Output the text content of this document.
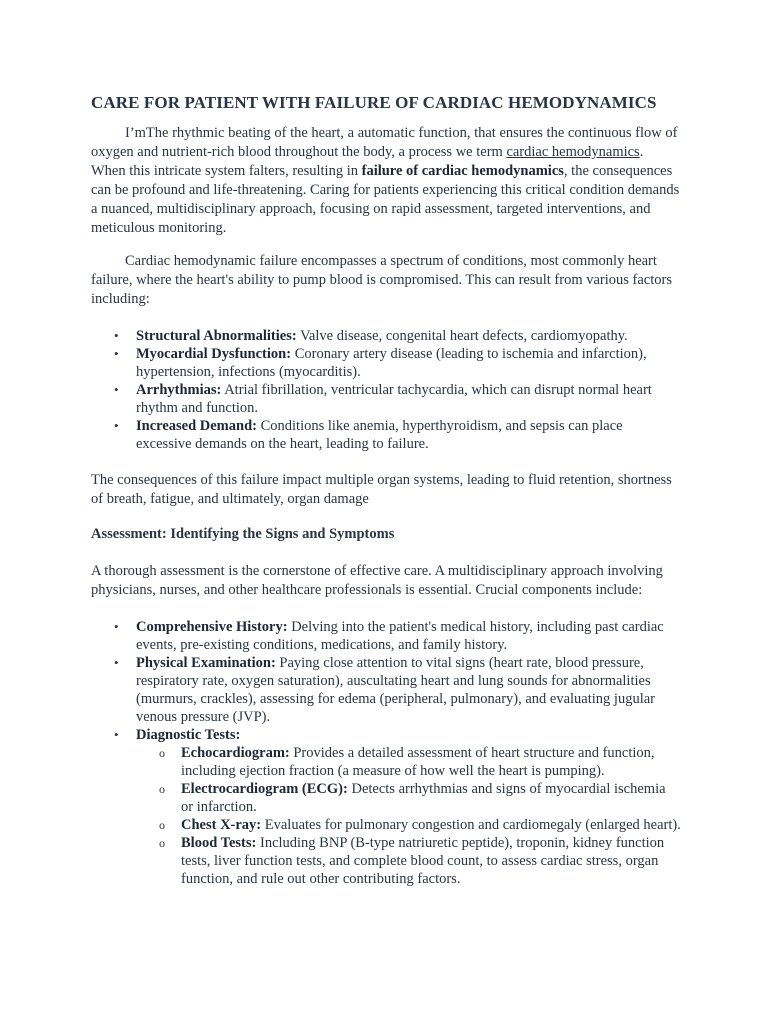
CARE FOR PATIENT WITH FAILURE OF CARDIAC HEMODYNAMICS

I’mThe rhythmic beating of the heart, a automatic function, that ensures the continuous flow of oxygen and nutrient-rich blood throughout the body, a process we term cardiac hemodynamics. When this intricate system falters, resulting in failure of cardiac hemodynamics, the consequences can be profound and life-threatening. Caring for patients experiencing this critical condition demands a nuanced, multidisciplinary approach, focusing on rapid assessment, targeted interventions, and meticulous monitoring.

Cardiac hemodynamic failure encompasses a spectrum of conditions, most commonly heart failure, where the heart's ability to pump blood is compromised. This can result from various factors including:

• Structural Abnormalities: Valve disease, congenital heart defects, cardiomyopathy.
• Myocardial Dysfunction: Coronary artery disease (leading to ischemia and infarction), hypertension, infections (myocarditis).
• Arrhythmias: Atrial fibrillation, ventricular tachycardia, which can disrupt normal heart rhythm and function.
• Increased Demand: Conditions like anemia, hyperthyroidism, and sepsis can place excessive demands on the heart, leading to failure.

The consequences of this failure impact multiple organ systems, leading to fluid retention, shortness of breath, fatigue, and ultimately, organ damage

Assessment: Identifying the Signs and Symptoms

A thorough assessment is the cornerstone of effective care. A multidisciplinary approach involving physicians, nurses, and other healthcare professionals is essential. Crucial components include:

• Comprehensive History: Delving into the patient's medical history, including past cardiac events, pre-existing conditions, medications, and family history.
• Physical Examination: Paying close attention to vital signs (heart rate, blood pressure, respiratory rate, oxygen saturation), auscultating heart and lung sounds for abnormalities (murmurs, crackles), assessing for edema (peripheral, pulmonary), and evaluating jugular venous pressure (JVP).
• Diagnostic Tests:
o Echocardiogram: Provides a detailed assessment of heart structure and function, including ejection fraction (a measure of how well the heart is pumping).
o Electrocardiogram (ECG): Detects arrhythmias and signs of myocardial ischemia or infarction.
o Chest X-ray: Evaluates for pulmonary congestion and cardiomegaly (enlarged heart).
o Blood Tests: Including BNP (B-type natriuretic peptide), troponin, kidney function tests, liver function tests, and complete blood count, to assess cardiac stress, organ function, and rule out other contributing factors.
